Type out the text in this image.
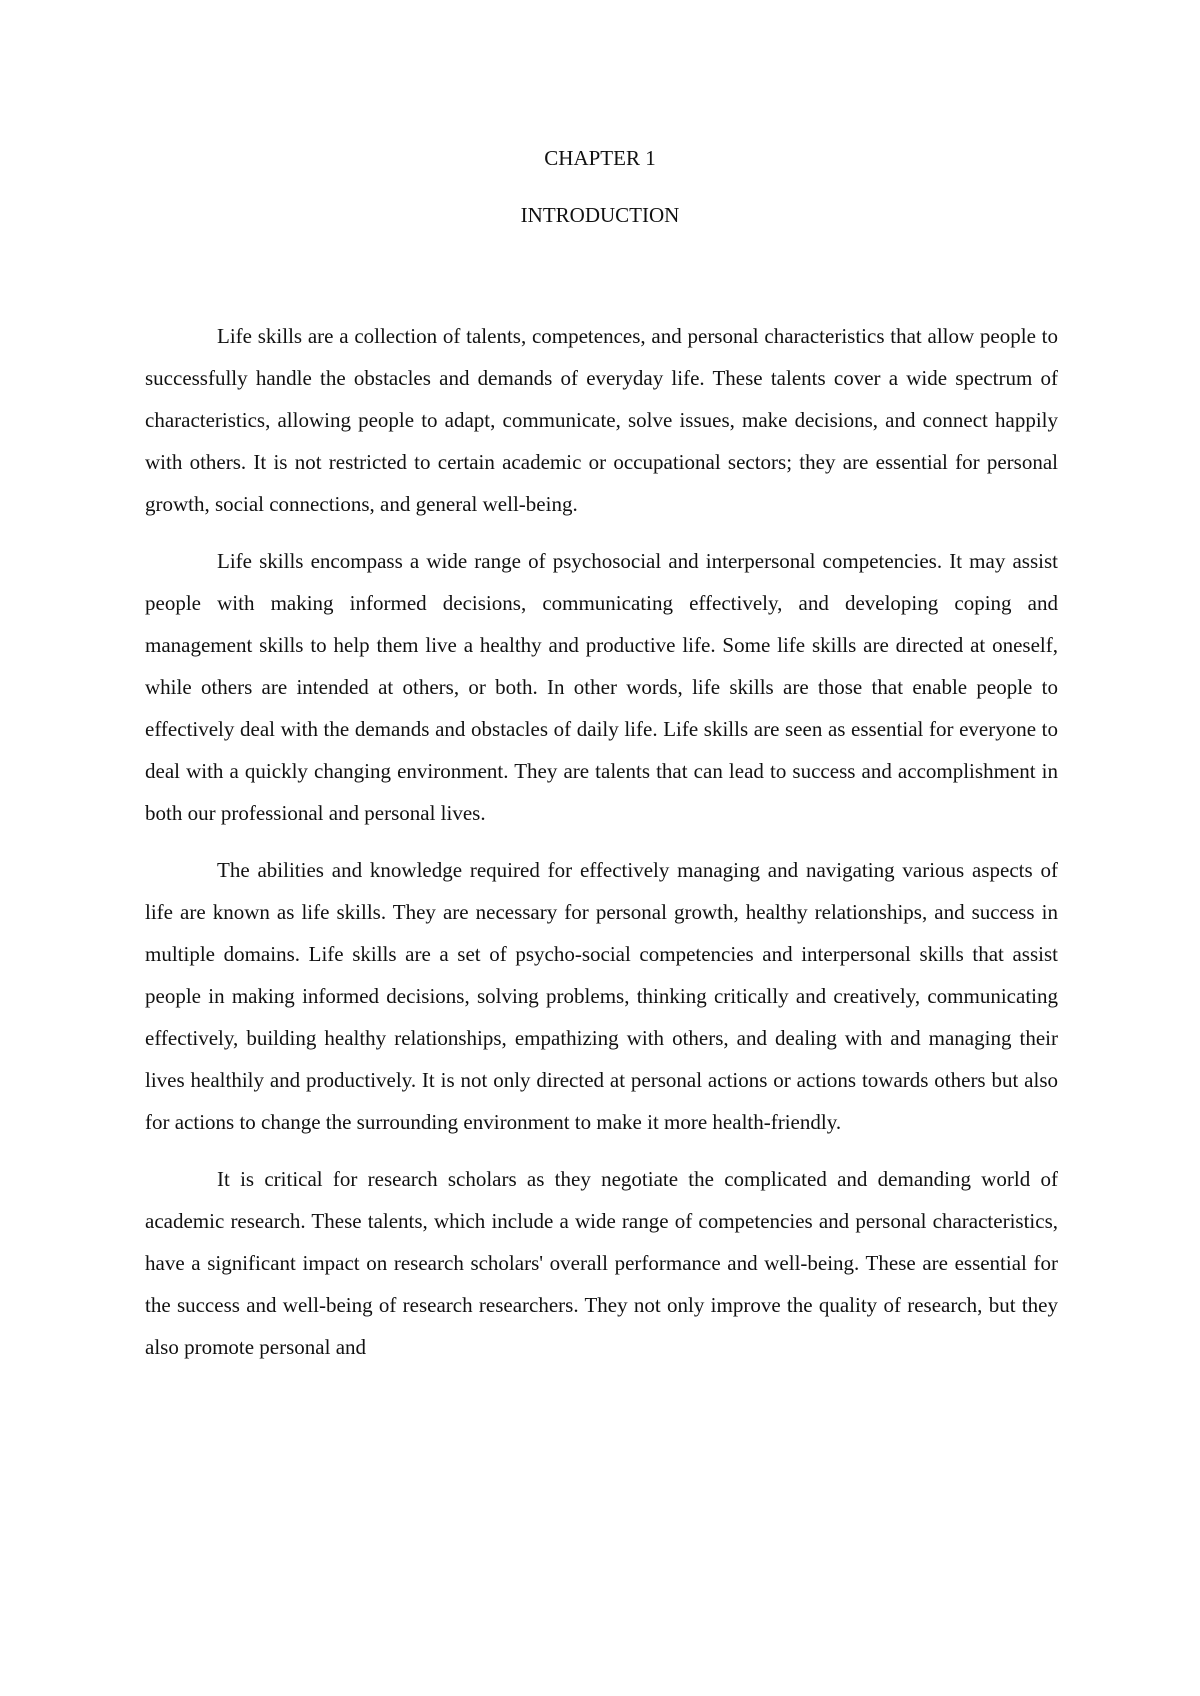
CHAPTER 1
INTRODUCTION

Life skills are a collection of talents, competences, and personal characteristics that allow people to successfully handle the obstacles and demands of everyday life. These talents cover a wide spectrum of characteristics, allowing people to adapt, communicate, solve issues, make decisions, and connect happily with others. It is not restricted to certain academic or occupational sectors; they are essential for personal growth, social connections, and general well-being.

Life skills encompass a wide range of psychosocial and interpersonal competencies. It may assist people with making informed decisions, communicating effectively, and developing coping and management skills to help them live a healthy and productive life. Some life skills are directed at oneself, while others are intended at others, or both. In other words, life skills are those that enable people to effectively deal with the demands and obstacles of daily life. Life skills are seen as essential for everyone to deal with a quickly changing environment. They are talents that can lead to success and accomplishment in both our professional and personal lives.

The abilities and knowledge required for effectively managing and navigating various aspects of life are known as life skills. They are necessary for personal growth, healthy relationships, and success in multiple domains. Life skills are a set of psycho-social competencies and interpersonal skills that assist people in making informed decisions, solving problems, thinking critically and creatively, communicating effectively, building healthy relationships, empathizing with others, and dealing with and managing their lives healthily and productively. It is not only directed at personal actions or actions towards others but also for actions to change the surrounding environment to make it more health-friendly.

It is critical for research scholars as they negotiate the complicated and demanding world of academic research. These talents, which include a wide range of competencies and personal characteristics, have a significant impact on research scholars' overall performance and well-being. These are essential for the success and well-being of research researchers. They not only improve the quality of research, but they also promote personal and
